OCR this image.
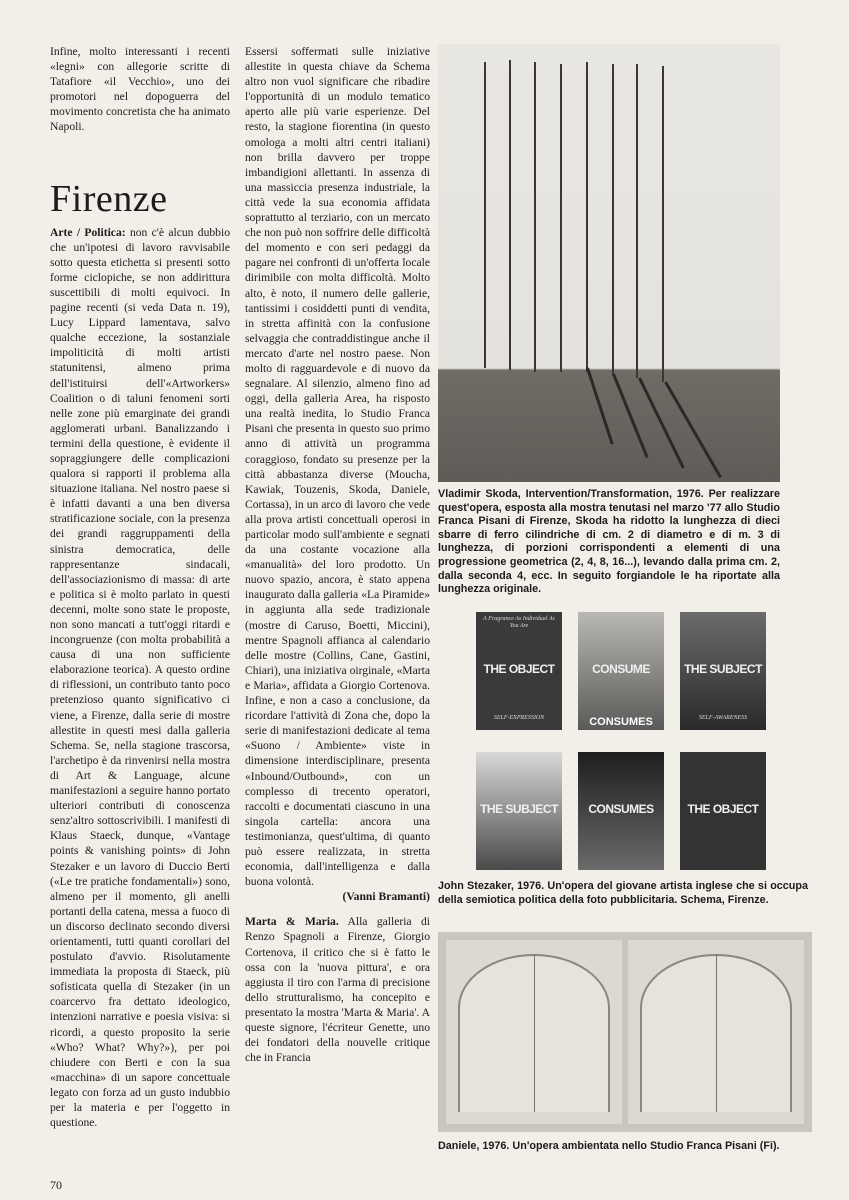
Infine, molto interessanti i recenti «legni» con allegorie scritte di Tatafiore «il Vecchio», uno dei promotori nel dopoguerra del movimento concretista che ha animato Napoli.

Firenze

Arte / Politica: non c'è alcun dubbio che un'ipotesi di lavoro ravvisabile sotto questa etichetta si presenti sotto forme ciclopiche, se non addirittura suscettibili di molti equivoci. In pagine recenti (si veda Data n. 19), Lucy Lippard lamentava, salvo qualche eccezione, la sostanziale impoliticità di molti artisti statunitensi, almeno prima dell'istituirsi dell'«Artworkers» Coalition o di taluni fenomeni sorti nelle zone più emarginate dei grandi agglomerati urbani. Banalizzando i termini della questione, è evidente il sopraggiungere delle complicazioni qualora si rapporti il problema alla situazione italiana. Nel nostro paese si è infatti davanti a una ben diversa stratificazione sociale, con la presenza dei grandi raggruppamenti della sinistra democratica, delle rappresentanze sindacali, dell'associazionismo di massa: di arte e politica si è molto parlato in questi decenni, molte sono state le proposte, non sono mancati a tutt'oggi ritardi e incongruenze (con molta probabilità a causa di una non sufficiente elaborazione teorica). A questo ordine di riflessioni, un contributo tanto poco pretenzioso quanto significativo ci viene, a Firenze, dalla serie di mostre allestite in questi mesi dalla galleria Schema. Se, nella stagione trascorsa, l'archetipo è da rinvenirsi nella mostra di Art & Language, alcune manifestazioni a seguire hanno portato ulteriori contributi di conoscenza senz'altro sottoscrivibili. I manifesti di Klaus Staeck, dunque, «Vantage points & vanishing points» di John Stezaker e un lavoro di Duccio Berti («Le tre pratiche fondamentali») sono, almeno per il momento, gli anelli portanti della catena, messa a fuoco di un discorso declinato secondo diversi orientamenti, tutti quanti corollari del postulato d'avvio. Risolutamente immediata la proposta di Staeck, più sofisticata quella di Stezaker (in un coarcervo fra dettato ideologico, intenzioni narrative e poesia visiva: si ricordi, a questo proposito la serie «Who? What? Why?»), per poi chiudere con Berti e con la sua «macchina» di un sapore concettuale legato con forza ad un gusto indubbio per la materia e per l'oggetto in questione.

Essersi soffermati sulle iniziative allestite in questa chiave da Schema altro non vuol significare che ribadire l'opportunità di un modulo tematico aperto alle più varie esperienze. Del resto, la stagione fiorentina (in questo omologa a molti altri centri italiani) non brilla davvero per troppe imbandigioni allettanti. In assenza di una massiccia presenza industriale, la città vede la sua economia affidata soprattutto al terziario, con un mercato che non può non soffrire delle difficoltà del momento e con seri pedaggi da pagare nei confronti di un'offerta locale dirimibile con molta difficoltà. Molto alto, è noto, il numero delle gallerie, tantissimi i cosiddetti punti di vendita, in stretta affinità con la confusione selvaggia che contraddistingue anche il mercato d'arte nel nostro paese. Non molto di ragguardevole e di nuovo da segnalare. Al silenzio, almeno fino ad oggi, della galleria Area, ha risposto una realtà inedita, lo Studio Franca Pisani che presenta in questo suo primo anno di attività un programma coraggioso, fondato su presenze per la città abbastanza diverse (Moucha, Kawiak, Touzenis, Skoda, Daniele, Cortassa), in un arco di lavoro che vede alla prova artisti concettuali operosi in particolar modo sull'ambiente e segnati da una costante vocazione alla «manualità» del loro prodotto. Un nuovo spazio, ancora, è stato appena inaugurato dalla galleria «La Piramide» in aggiunta alla sede tradizionale (mostre di Caruso, Boetti, Miccini), mentre Spagnoli affianca al calendario delle mostre (Collins, Cane, Gastini, Chiari), una iniziativa oirginale, «Marta e Maria», affidata a Giorgio Cortenova. Infine, e non a caso a conclusione, da ricordare l'attività di Zona che, dopo la serie di manifestazioni dedicate al tema «Suono / Ambiente» viste in dimensione interdisciplinare, presenta «Inbound/Outbound», con un complesso di trecento operatori, raccolti e documentati ciascuno in una singola cartella: ancora una testimonianza, quest'ultima, di quanto può essere realizzata, in stretta economia, dall'intelligenza e dalla buona volontà.

(Vanni Bramanti)

Marta & Maria. Alla galleria di Renzo Spagnoli a Firenze, Giorgio Cortenova, il critico che si è fatto le ossa con la 'nuova pittura', e ora aggiusta il tiro con l'arma di precisione dello strutturalismo, ha concepito e presentato la mostra 'Marta & Maria'. A queste signore, l'écriteur Genette, uno dei fondatori della nouvelle critique che in Francia

Vladimir Skoda, Intervention/Transformation, 1976. Per realizzare quest'opera, esposta alla mostra tenutasi nel marzo '77 allo Studio Franca Pisani di Firenze, Skoda ha ridotto la lunghezza di dieci sbarre di ferro cilindriche di cm. 2 di diametro e di m. 3 di lunghezza, di porzioni corrispondenti a elementi di una progressione geometrica (2, 4, 8, 16...), levando dalla prima cm. 2, dalla seconda 4, ecc. In seguito forgiandole le ha riportate alla lunghezza originale.
A Fragrance As Individual As You Are
THE OBJECT
SELF-EXPRESSION
CONSUME
CONSUMES
THE SUBJECT
SELF-AWARENESS
THE SUBJECT	CONSUMES	THE OBJECT
John Stezaker, 1976. Un'opera del giovane artista inglese che si occupa della semiotica politica della foto pubblicitaria. Schema, Firenze.
Daniele, 1976. Un'opera ambientata nello Studio Franca Pisani (Fi).
70
